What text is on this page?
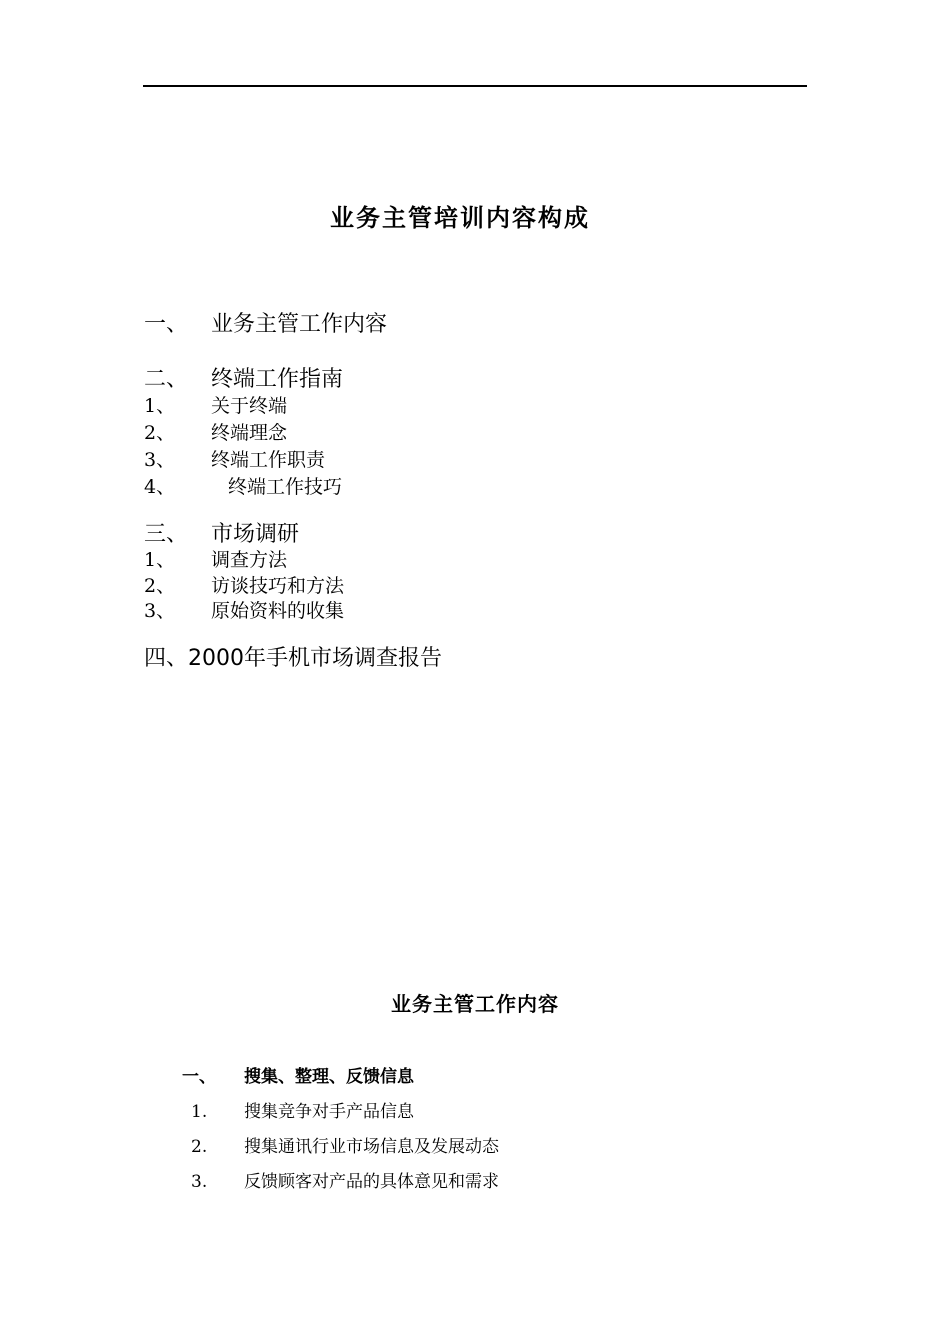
业务主管培训内容构成
一、 业务主管工作内容
二、 终端工作指南
1、 关于终端
2、 终端理念
3、 终端工作职责
4、	终端工作技巧
三、 市场调研
1、 调查方法
2、 访谈技巧和方法
3、 原始资料的收集
四、2000年手机市场调查报告
业务主管工作内容
一、 搜集、整理、反馈信息
1. 搜集竞争对手产品信息
2. 搜集通讯行业市场信息及发展动态
3. 反馈顾客对产品的具体意见和需求
